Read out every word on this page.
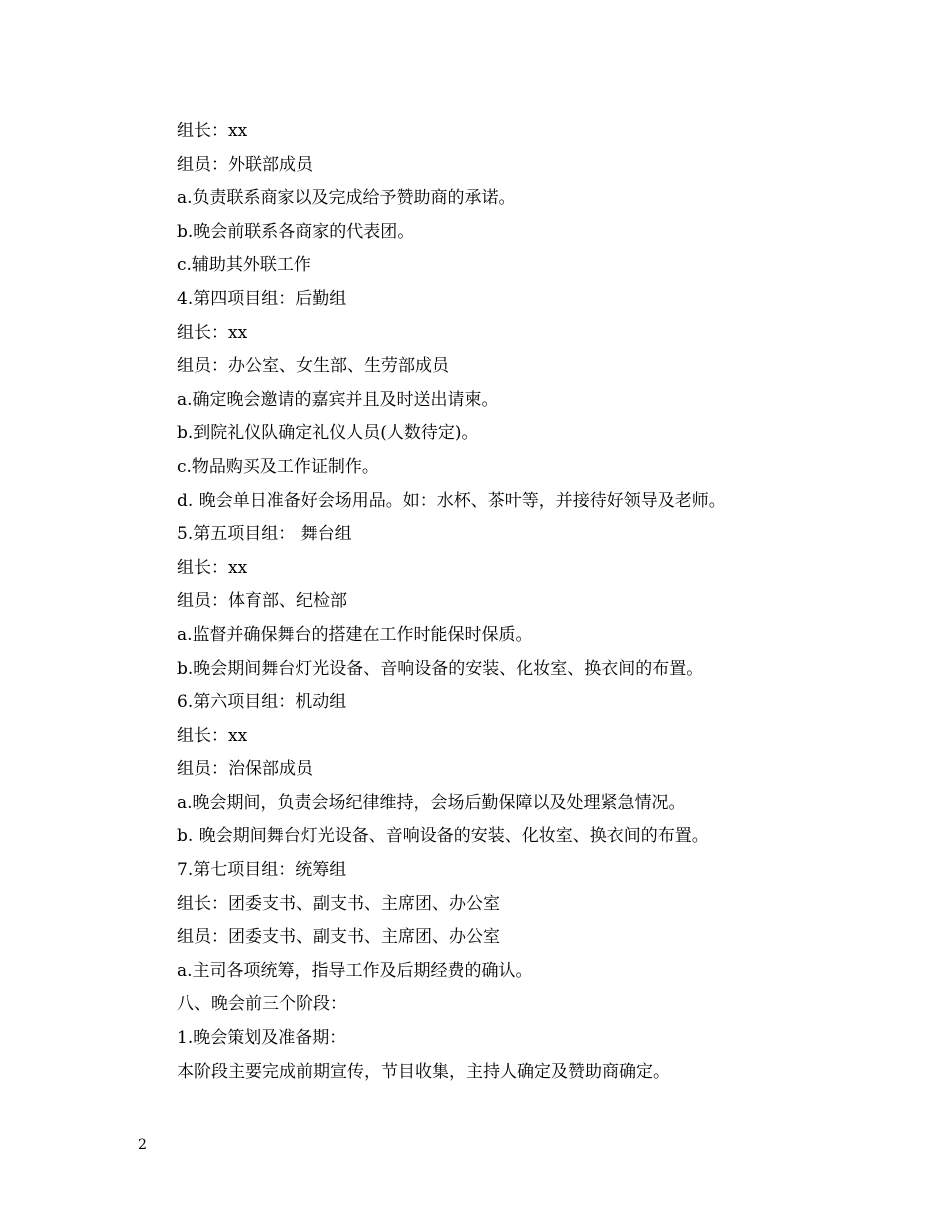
组长：xx
组员：外联部成员
a.负责联系商家以及完成给予赞助商的承诺。
b.晚会前联系各商家的代表团。
c.辅助其外联工作
4.第四项目组：后勤组
组长：xx
组员：办公室、女生部、生劳部成员
a.确定晚会邀请的嘉宾并且及时送出请柬。
b.到院礼仪队确定礼仪人员(人数待定)。
c.物品购买及工作证制作。
d. 晚会单日准备好会场用品。如：水杯、茶叶等，并接待好领导及老师。
5.第五项目组： 舞台组
组长：xx
组员：体育部、纪检部
a.监督并确保舞台的搭建在工作时能保时保质。
b.晚会期间舞台灯光设备、音响设备的安装、化妆室、换衣间的布置。
6.第六项目组：机动组
组长：xx
组员：治保部成员
a.晚会期间，负责会场纪律维持，会场后勤保障以及处理紧急情况。
b. 晚会期间舞台灯光设备、音响设备的安装、化妆室、换衣间的布置。
7.第七项目组：统筹组
组长：团委支书、副支书、主席团、办公室
组员：团委支书、副支书、主席团、办公室
a.主司各项统筹，指导工作及后期经费的确认。
八、晚会前三个阶段：
1.晚会策划及准备期：
本阶段主要完成前期宣传，节目收集，主持人确定及赞助商确定。
2
